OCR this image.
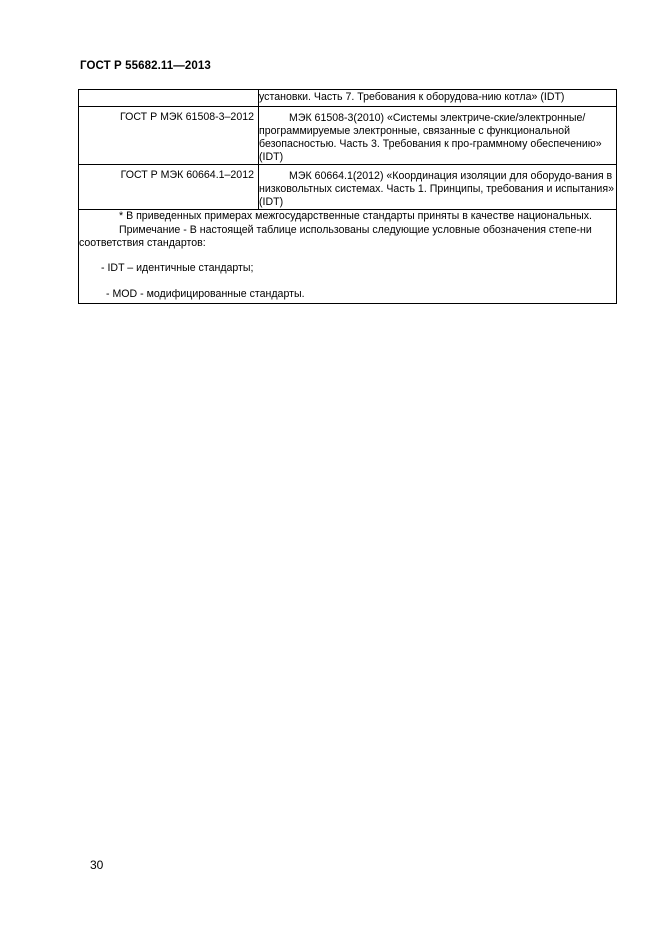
ГОСТ Р 55682.11—2013

	установки. Часть 7. Требования к оборудова-нию котла» (IDT)

ГОСТ Р МЭК 61508-3–2012	МЭК 61508-3(2010) «Системы электриче-ские/электронные/программируемые электронные, связанные с функциональной безопасностью. Часть 3. Требования к про-граммному обеспечению» (IDT)

ГОСТ Р МЭК 60664.1–2012	МЭК 60664.1(2012) «Координация изоляции для оборудо-вания в низковольтных системах. Часть 1. Принципы, требования и испытания» (IDT)

* В приведенных примерах межгосударственные стандарты приняты в качестве национальных.

Примечание - В настоящей таблице использованы следующие условные обозначения степе-ни соответствия стандартов:

- IDT – идентичные стандарты;

- MOD - модифицированные стандарты.	

30
